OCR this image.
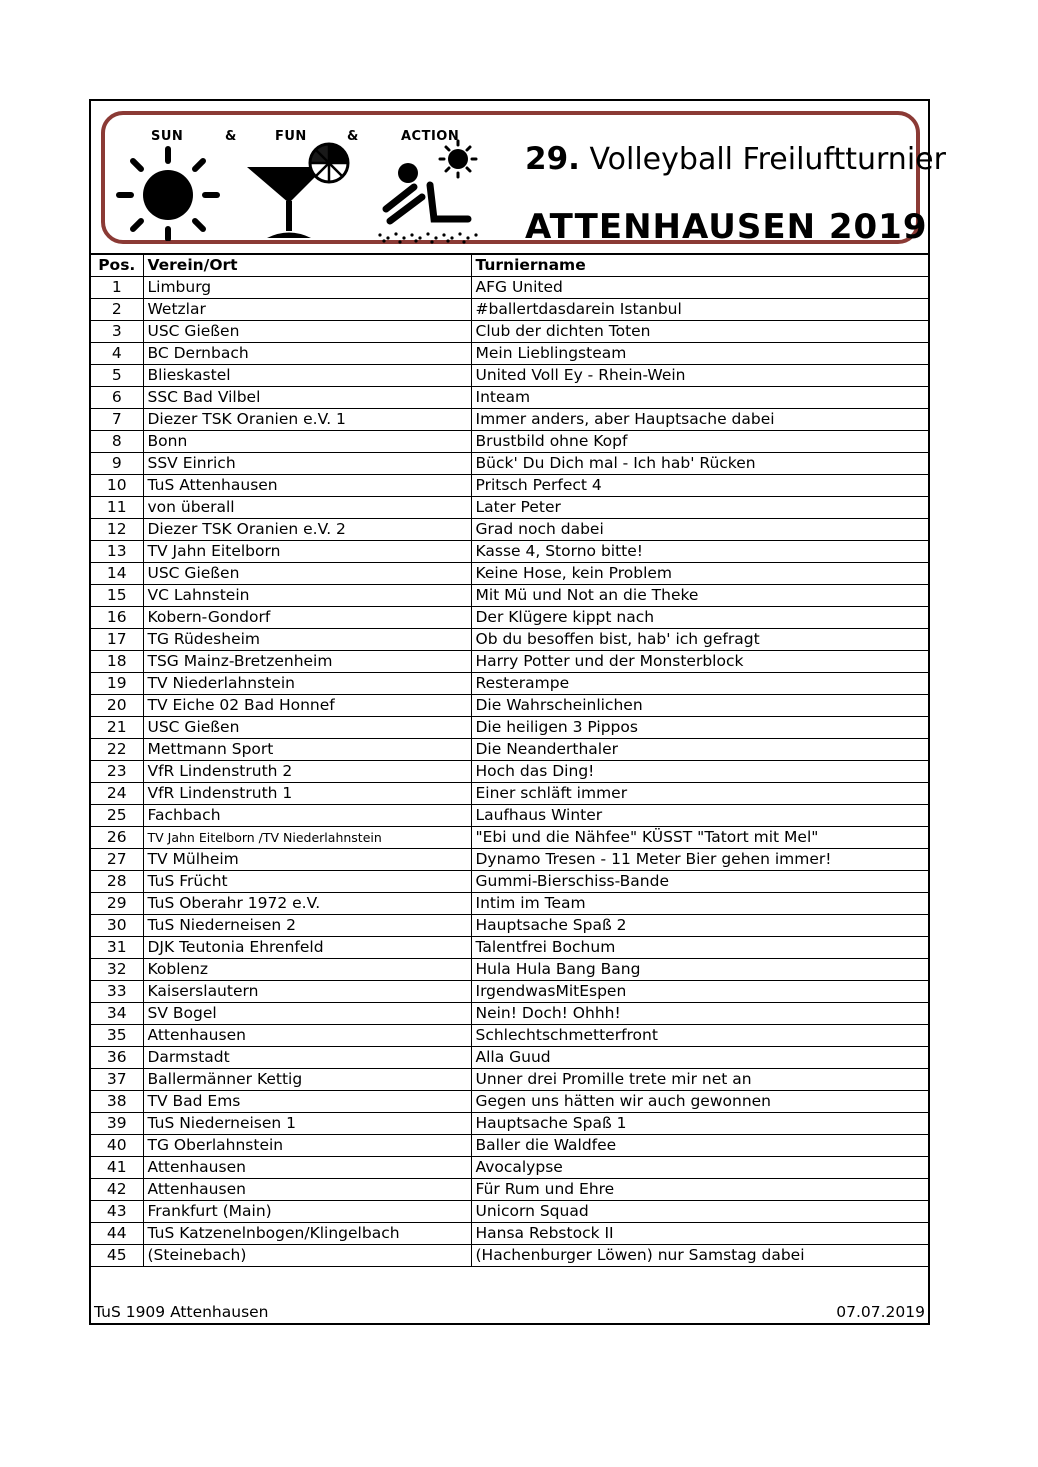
SUN	&	FUN	&	ACTION
29. Volleyball Freiluftturnier
ATTENHAUSEN 2019
Pos.	Verein/Ort	Turniername
1	Limburg	AFG United
2	Wetzlar	#ballertdasdarein Istanbul
3	USC Gießen	Club der dichten Toten
4	BC Dernbach	Mein Lieblingsteam
5	Blieskastel	United Voll Ey - Rhein-Wein
6	SSC Bad Vilbel	Inteam
7	Diezer TSK Oranien e.V. 1	Immer anders, aber Hauptsache dabei
8	Bonn	Brustbild ohne Kopf
9	SSV Einrich	Bück' Du Dich mal - Ich hab' Rücken
10	TuS Attenhausen	Pritsch Perfect 4
11	von überall	Later Peter
12	Diezer TSK Oranien e.V. 2	Grad noch dabei
13	TV Jahn Eitelborn	Kasse 4, Storno bitte!
14	USC Gießen	Keine Hose, kein Problem
15	VC Lahnstein	Mit Mü und Not an die Theke
16	Kobern-Gondorf	Der Klügere kippt nach
17	TG Rüdesheim	Ob du besoffen bist, hab' ich gefragt
18	TSG Mainz-Bretzenheim	Harry Potter und der Monsterblock
19	TV Niederlahnstein	Resterampe
20	TV Eiche 02 Bad Honnef	Die Wahrscheinlichen
21	USC Gießen	Die heiligen 3 Pippos
22	Mettmann Sport	Die Neanderthaler
23	VfR Lindenstruth 2	Hoch das Ding!
24	VfR Lindenstruth 1	Einer schläft immer
25	Fachbach	Laufhaus Winter
26	TV Jahn Eitelborn /TV Niederlahnstein	"Ebi und die Nähfee" KÜSST "Tatort mit Mel"
27	TV Mülheim	Dynamo Tresen - 11 Meter Bier gehen immer!
28	TuS Frücht	Gummi-Bierschiss-Bande
29	TuS Oberahr 1972 e.V.	Intim im Team
30	TuS Niederneisen 2	Hauptsache Spaß 2
31	DJK Teutonia Ehrenfeld	Talentfrei Bochum
32	Koblenz	Hula Hula Bang Bang
33	Kaiserslautern	IrgendwasMitEspen
34	SV Bogel	Nein! Doch! Ohhh!
35	Attenhausen	Schlechtschmetterfront
36	Darmstadt	Alla Guud
37	Ballermänner Kettig	Unner drei Promille trete mir net an
38	TV Bad Ems	Gegen uns hätten wir auch gewonnen
39	TuS Niederneisen 1	Hauptsache Spaß 1
40	TG Oberlahnstein	Baller die Waldfee
41	Attenhausen	Avocalypse
42	Attenhausen	Für Rum und Ehre
43	Frankfurt (Main)	Unicorn Squad
44	TuS Katzenelnbogen/Klingelbach	Hansa Rebstock II
45	(Steinebach)	(Hachenburger Löwen) nur Samstag dabei
TuS 1909 Attenhausen	07.07.2019
